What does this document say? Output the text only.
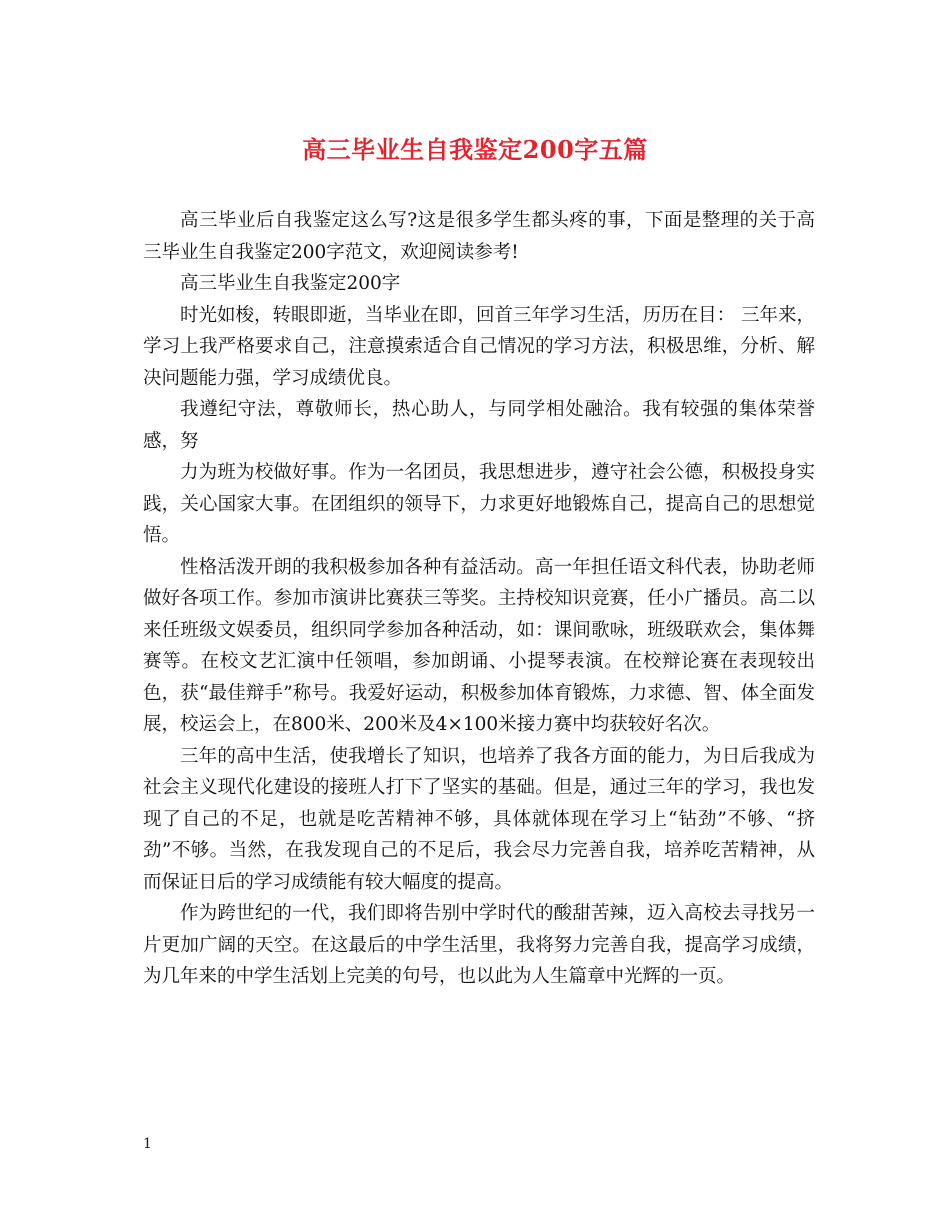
高三毕业生自我鉴定200字五篇

高三毕业后自我鉴定这么写?这是很多学生都头疼的事，下面是整理的关于高三毕业生自我鉴定200字范文，欢迎阅读参考!

高三毕业生自我鉴定200字

时光如梭，转眼即逝，当毕业在即，回首三年学习生活，历历在目： 三年来，学习上我严格要求自己，注意摸索适合自己情况的学习方法，积极思维，分析、解决问题能力强，学习成绩优良。

我遵纪守法，尊敬师长，热心助人，与同学相处融洽。我有较强的集体荣誉感，努

力为班为校做好事。作为一名团员，我思想进步，遵守社会公德，积极投身实践，关心国家大事。在团组织的领导下，力求更好地锻炼自己，提高自己的思想觉悟。

性格活泼开朗的我积极参加各种有益活动。高一年担任语文科代表，协助老师做好各项工作。参加市演讲比赛获三等奖。主持校知识竞赛，任小广播员。高二以来任班级文娱委员，组织同学参加各种活动，如：课间歌咏，班级联欢会，集体舞赛等。在校文艺汇演中任领唱，参加朗诵、小提琴表演。在校辩论赛在表现较出色，获“最佳辩手”称号。我爱好运动，积极参加体育锻炼，力求德、智、体全面发展，校运会上，在800米、200米及4×100米接力赛中均获较好名次。

三年的高中生活，使我增长了知识，也培养了我各方面的能力，为日后我成为社会主义现代化建设的接班人打下了坚实的基础。但是，通过三年的学习，我也发现了自己的不足，也就是吃苦精神不够，具体就体现在学习上“钻劲”不够、“挤劲”不够。当然，在我发现自己的不足后，我会尽力完善自我，培养吃苦精神，从而保证日后的学习成绩能有较大幅度的提高。

作为跨世纪的一代，我们即将告别中学时代的酸甜苦辣，迈入高校去寻找另一片更加广阔的天空。在这最后的中学生活里，我将努力完善自我，提高学习成绩，为几年来的中学生活划上完美的句号，也以此为人生篇章中光辉的一页。

1
